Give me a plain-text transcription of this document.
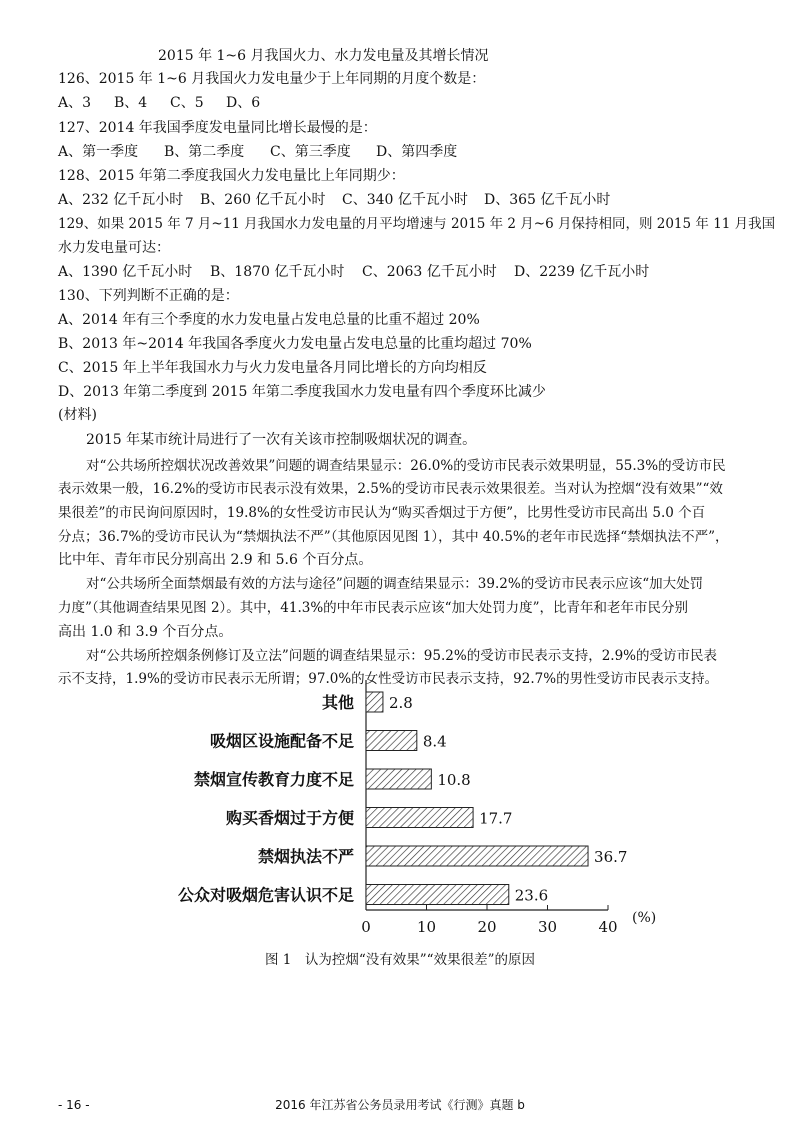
2015 年 1~6 月我国火力、水力发电量及其增长情况
126、2015 年 1~6 月我国火力发电量少于上年同期的月度个数是：
A、3 B、4 C、5 D、6
127、2014 年我国季度发电量同比增长最慢的是：
A、第一季度 B、第二季度 C、第三季度 D、第四季度
128、2015 年第二季度我国火力发电量比上年同期少：
A、232 亿千瓦小时 B、260 亿千瓦小时 C、340 亿千瓦小时 D、365 亿千瓦小时
129、如果 2015 年 7 月~11 月我国水力发电量的月平均增速与 2015 年 2 月~6 月保持相同，则 2015 年 11 月我国
水力发电量可达：
A、1390 亿千瓦小时 B、1870 亿千瓦小时 C、2063 亿千瓦小时 D、2239 亿千瓦小时
130、下列判断不正确的是：
A、2014 年有三个季度的水力发电量占发电总量的比重不超过 20%
B、2013 年~2014 年我国各季度火力发电量占发电总量的比重均超过 70%
C、2015 年上半年我国水力与火力发电量各月同比增长的方向均相反
D、2013 年第二季度到 2015 年第二季度我国水力发电量有四个季度环比减少
(材料)
2015 年某市统计局进行了一次有关该市控制吸烟状况的调查。
对“公共场所控烟状况改善效果”问题的调查结果显示：26.0%的受访市民表示效果明显，55.3%的受访市民
表示效果一般，16.2%的受访市民表示没有效果，2.5%的受访市民表示效果很差。当对认为控烟“没有效果”“效
果很差”的市民询问原因时，19.8%的女性受访市民认为“购买香烟过于方便”，比男性受访市民高出 5.0 个百
分点；36.7%的受访市民认为“禁烟执法不严”（其他原因见图 1），其中 40.5%的老年市民选择“禁烟执法不严”，
比中年、青年市民分别高出 2.9 和 5.6 个百分点。
对“公共场所全面禁烟最有效的方法与途径”问题的调查结果显示：39.2%的受访市民表示应该“加大处罚
力度”（其他调查结果见图 2）。其中，41.3%的中年市民表示应该“加大处罚力度”，比青年和老年市民分别
高出 1.0 和 3.9 个百分点。
对“公共场所控烟条例修订及立法”问题的调查结果显示：95.2%的受访市民表示支持，2.9%的受访市民表
示不支持，1.9%的受访市民表示无所谓；97.0%的女性受访市民表示支持，92.7%的男性受访市民表示支持。
其他 2.8
吸烟区设施配备不足	8.4
禁烟宣传教育力度不足	10.8
购买香烟过于方便	17.7
禁烟执法不严	36.7
公众对吸烟危害认识不足	23.6
0	10	20	30	40 (%)
图 1　认为控烟“没有效果”“效果很差”的原因
- 16 -	2016 年江苏省公务员录用考试《行测》真题 b
